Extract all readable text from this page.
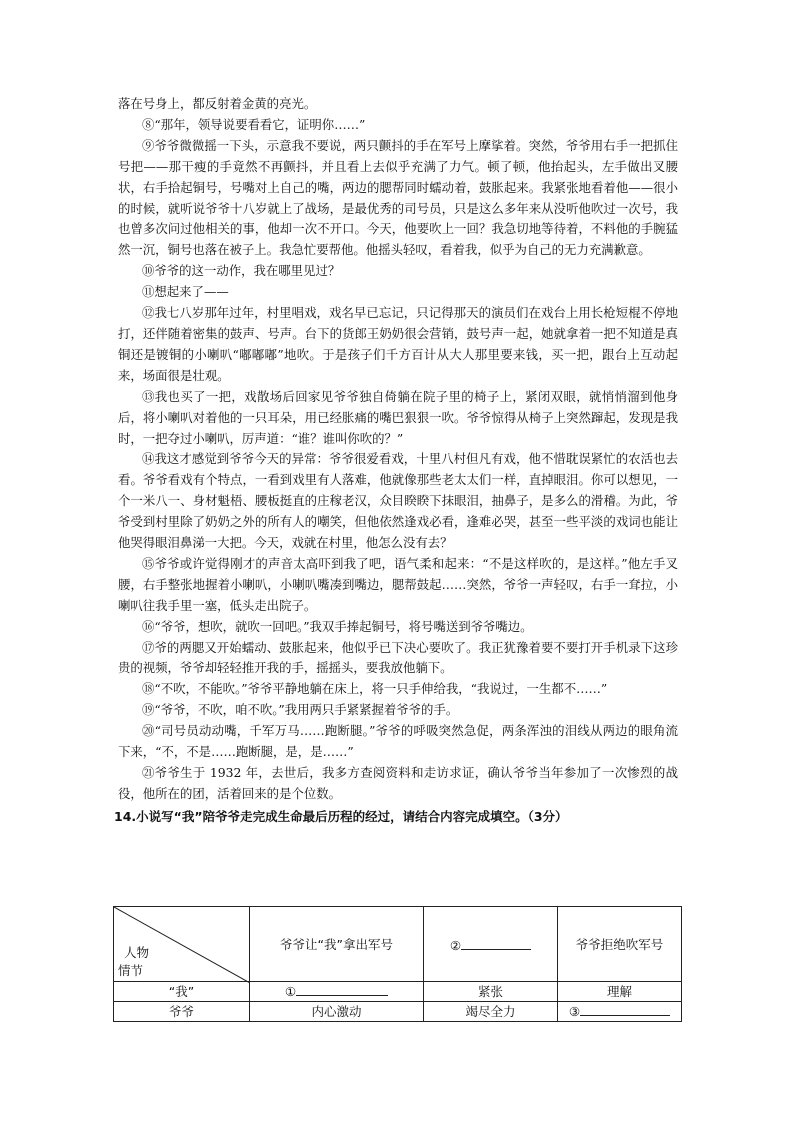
落在号身上，都反射着金黄的亮光。

⑧“那年，领导说要看看它，证明你……”

⑨爷爷微微摇一下头，示意我不要说，两只颤抖的手在军号上摩挲着。突然，爷爷用右手一把抓住号把——那干瘦的手竟然不再颤抖，并且看上去似乎充满了力气。顿了顿，他抬起头，左手做出叉腰状，右手拾起铜号，号嘴对上自己的嘴，两边的腮帮同时蠕动着，鼓胀起来。我紧张地看着他——很小的时候，就听说爷爷十八岁就上了战场，是最优秀的司号员，只是这么多年来从没听他吹过一次号，我也曾多次问过他相关的事，他却一次不开口。今天，他要吹上一回？我急切地等待着，不料他的手腕猛然一沉，铜号也落在被子上。我急忙要帮他。他摇头轻叹，看着我，似乎为自己的无力充满歉意。

⑩爷爷的这一动作，我在哪里见过？

⑪想起来了——

⑫我七八岁那年过年，村里唱戏，戏名早已忘记，只记得那天的演员们在戏台上用长枪短棍不停地打，还伴随着密集的鼓声、号声。台下的货郎王奶奶很会营销，鼓号声一起，她就拿着一把不知道是真铜还是镀铜的小喇叭“嘟嘟嘟”地吹。于是孩子们千方百计从大人那里要来钱，买一把，跟台上互动起来，场面很是壮观。

⑬我也买了一把，戏散场后回家见爷爷独自倚躺在院子里的椅子上，紧闭双眼，就悄悄溜到他身后，将小喇叭对着他的一只耳朵，用已经胀痛的嘴巴狠狠一吹。爷爷惊得从椅子上突然蹿起，发现是我时，一把夺过小喇叭，厉声道：“谁？谁叫你吹的？”

⑭我这才感觉到爷爷今天的异常：爷爷很爱看戏，十里八村但凡有戏，他不惜耽误紧忙的农活也去看。爷爷看戏有个特点，一看到戏里有人落难，他就像那些老太太们一样，直掉眼泪。你可以想见，一个一米八一、身材魁梧、腰板挺直的庄稼老汉，众目睽睽下抹眼泪，抽鼻子，是多么的滑稽。为此，爷爷受到村里除了奶奶之外的所有人的嘲笑，但他依然逢戏必看，逢难必哭，甚至一些平淡的戏词也能让他哭得眼泪鼻涕一大把。今天，戏就在村里，他怎么没有去？

⑮爷爷或许觉得刚才的声音太高吓到我了吧，语气柔和起来：“不是这样吹的，是这样。”他左手叉腰，右手整张地握着小喇叭，小喇叭嘴凑到嘴边，腮帮鼓起……突然，爷爷一声轻叹，右手一耷拉，小喇叭往我手里一塞，低头走出院子。

⑯“爷爷，想吹，就吹一回吧。”我双手捧起铜号，将号嘴送到爷爷嘴边。

⑰爷的两腮又开始蠕动、鼓胀起来，他似乎已下决心要吹了。我正犹豫着要不要打开手机录下这珍贵的视频，爷爷却轻轻推开我的手，摇摇头，要我放他躺下。

⑱“不吹，不能吹。”爷爷平静地躺在床上，将一只手伸给我，“我说过，一生都不……”

⑲“爷爷，不吹，咱不吹。”我用两只手紧紧握着爷爷的手。

⑳“司号员动动嘴，千军万马……跑断腿。”爷爷的呼吸突然急促，两条浑浊的泪线从两边的眼角流下来，“不，不是……跑断腿，是，是……”

㉑爷爷生于 1932 年，去世后，我多方查阅资料和走访求证，确认爷爷当年参加了一次惨烈的战役，他所在的团，活着回来的是个位数。

14.小说写“我”陪爷爷走完成生命最后历程的经过，请结合内容完成填空。（3分）

人物
情节	爷爷让“我”拿出军号	②	爷爷拒绝吹军号
“我”	①	紧张	理解
爷爷	内心激动	竭尽全力	③
